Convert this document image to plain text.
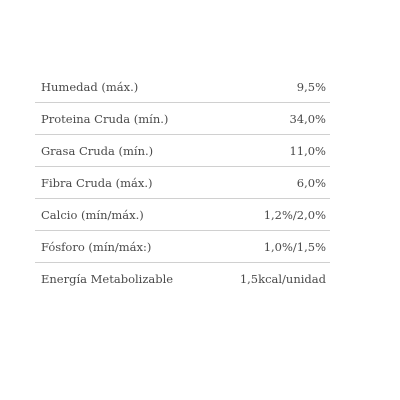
Humedad (máx.)	9,5%
Proteina Cruda (mín.)	34,0%
Grasa Cruda (mín.)	11,0%
Fibra Cruda (máx.)	6,0%
Calcio (mín/máx.)	1,2%/2,0%
Fósforo (mín/máx:)	1,0%/1,5%
Energía Metabolizable	1,5kcal/unidad
